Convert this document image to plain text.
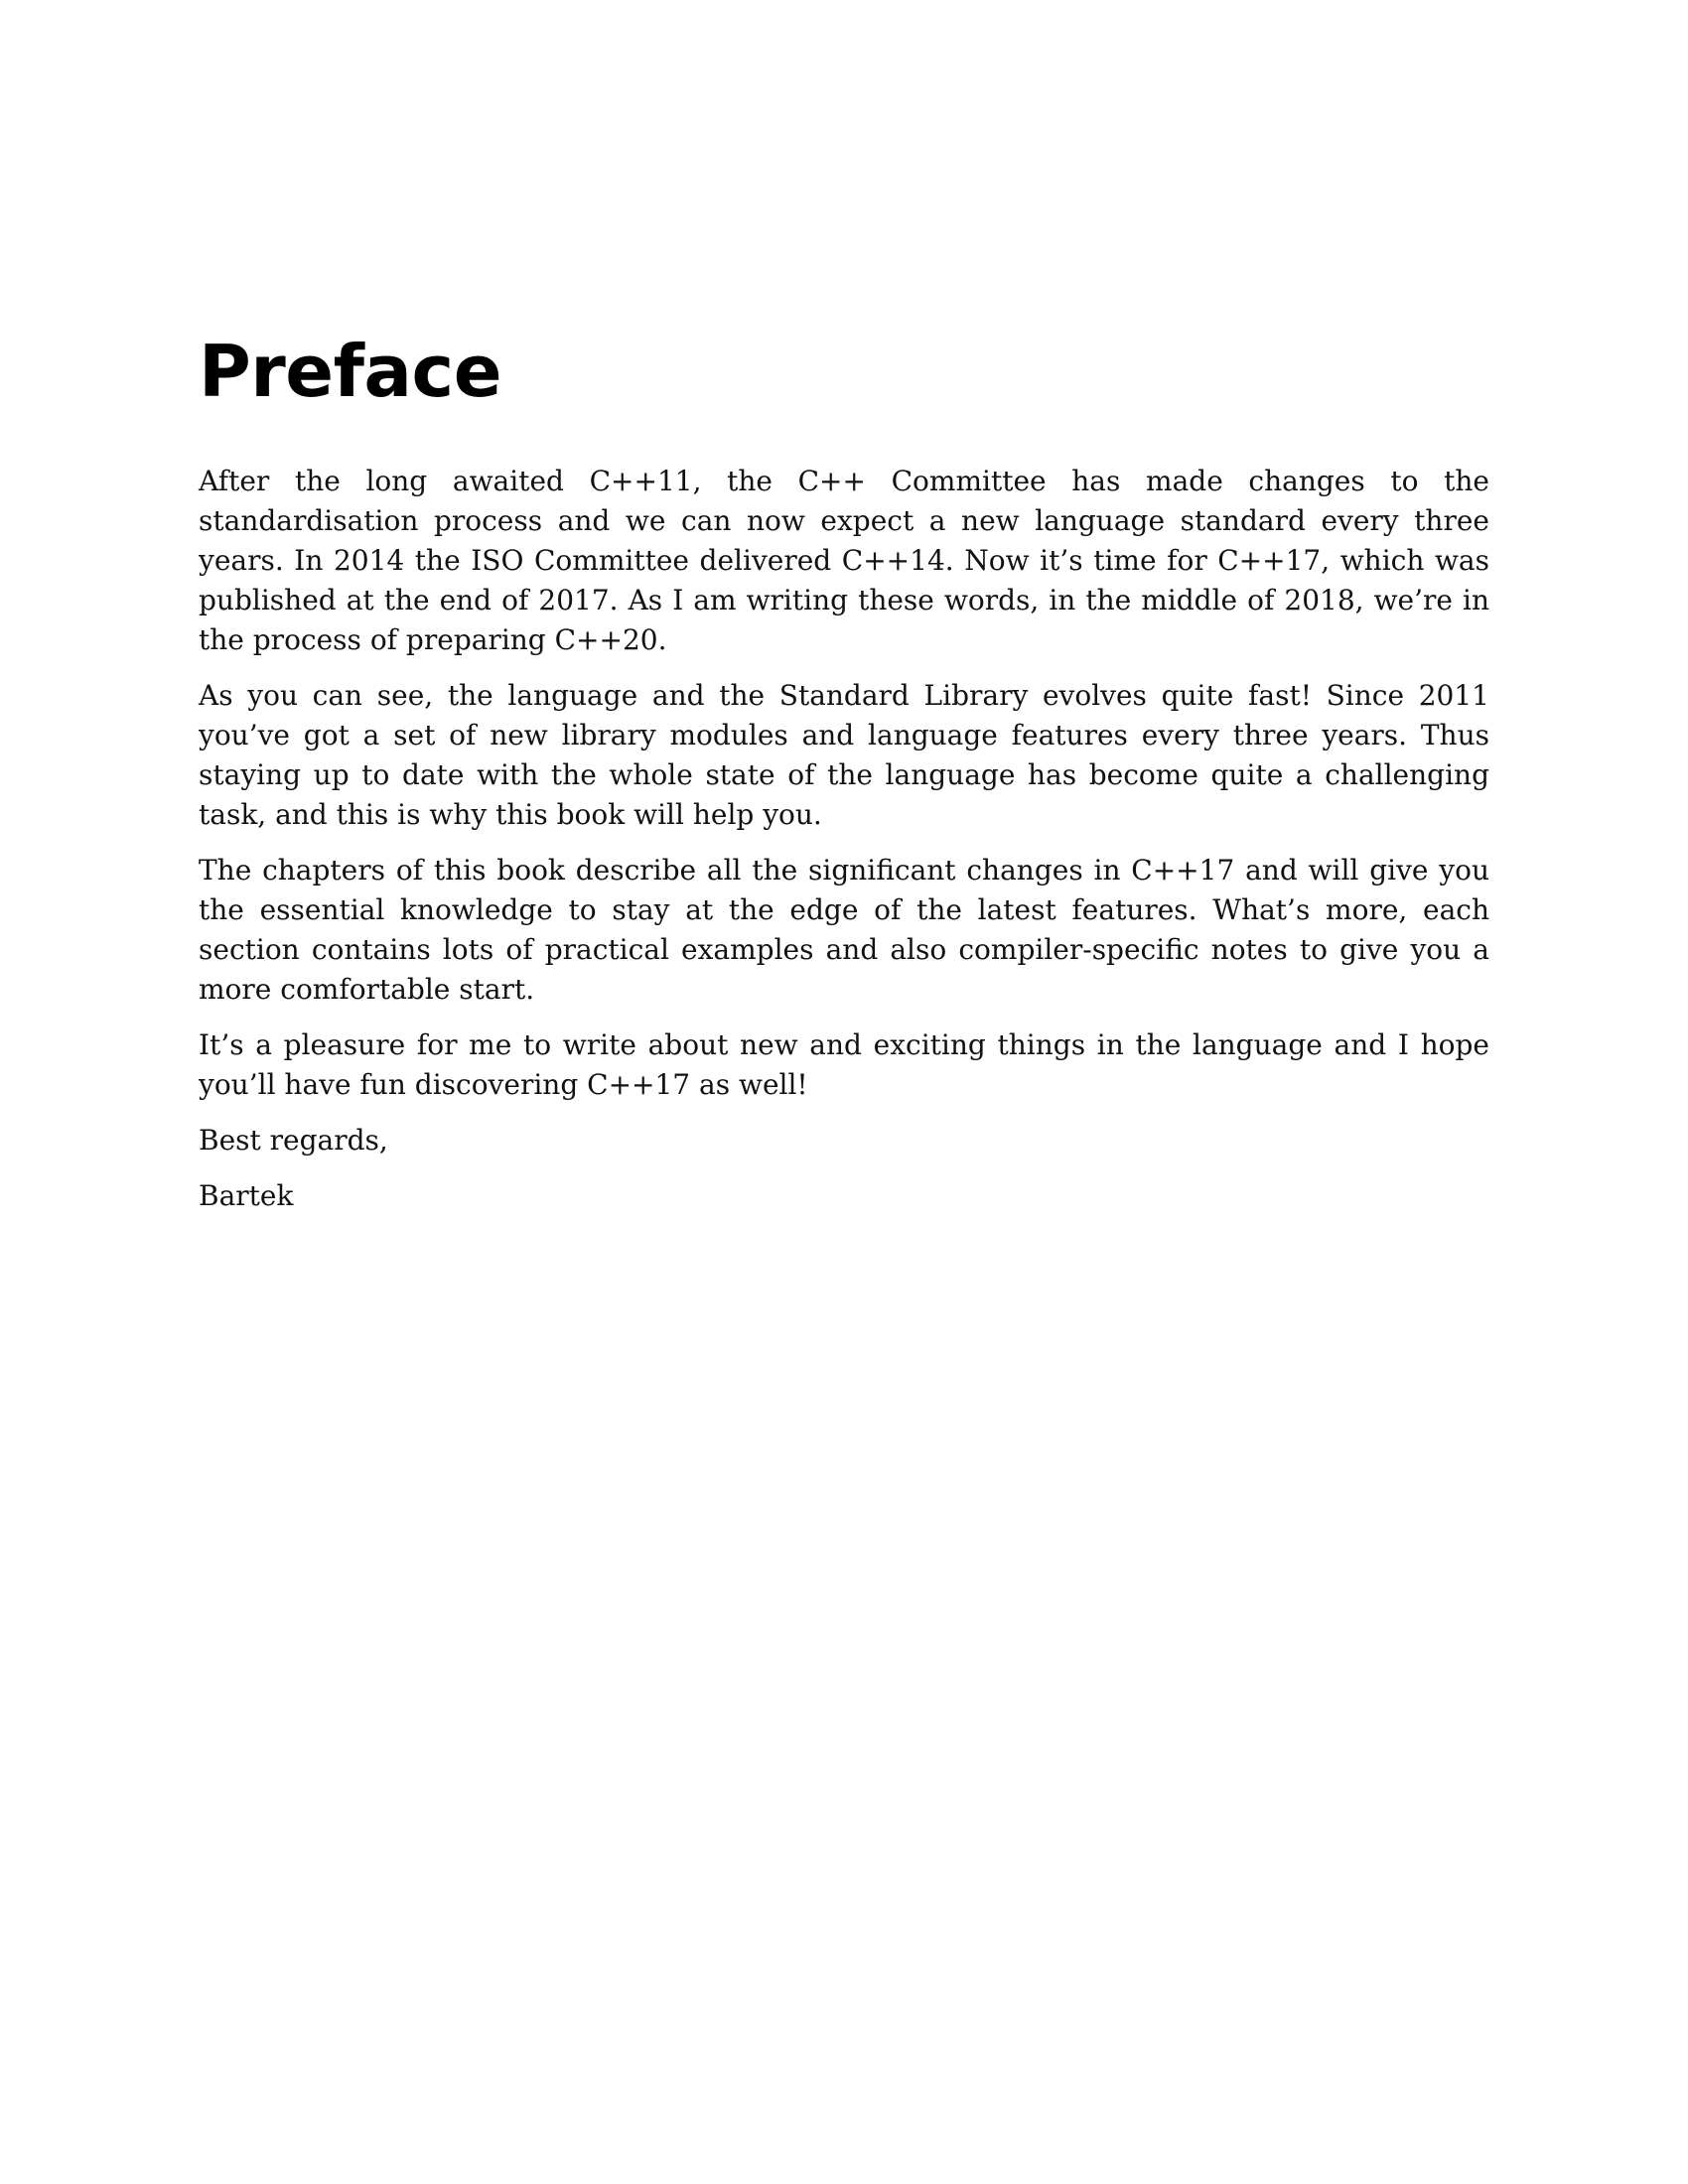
Preface

After the long awaited C++11, the C++ Committee has made changes to the standardisation process and we can now expect a new language standard every three years. In 2014 the ISO Committee delivered C++14. Now it’s time for C++17, which was published at the end of 2017. As I am writing these words, in the middle of 2018, we’re in the process of preparing C++20.

As you can see, the language and the Standard Library evolves quite fast! Since 2011 you’ve got a set of new library modules and language features every three years. Thus staying up to date with the whole state of the language has become quite a challenging task, and this is why this book will help you.

The chapters of this book describe all the significant changes in C++17 and will give you the essential knowledge to stay at the edge of the latest features. What’s more, each section contains lots of practical examples and also compiler-specific notes to give you a more comfortable start.

It’s a pleasure for me to write about new and exciting things in the language and I hope you’ll have fun discovering C++17 as well!

Best regards,

Bartek
